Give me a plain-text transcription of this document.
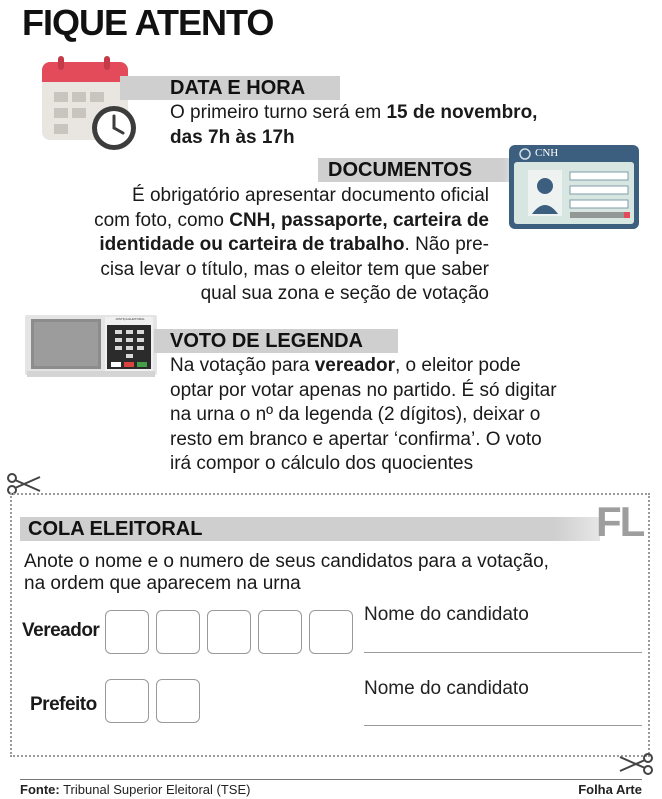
FIQUE ATENTO
DATA E HORA
O primeiro turno será em 15 de novembro,
das 7h às 17h
DOCUMENTOS
CNH
É obrigatório apresentar documento oficial
com foto, como CNH, passaporte, carteira de
identidade ou carteira de trabalho. Não pre-
cisa levar o título, mas o eleitor tem que saber
qual sua zona e seção de votação
JUSTIÇA ELEITORAL
VOTO DE LEGENDA
Na votação para vereador, o eleitor pode
optar por votar apenas no partido. É só digitar
na urna o nº da legenda (2 dígitos), deixar o
resto em branco e apertar ‘confirma’. O voto
irá compor o cálculo dos quocientes
COLA ELEITORAL	FL
Anote o nome e o numero de seus candidatos para a votação,
na ordem que aparecem na urna
Vereador
Nome do candidato
Prefeito
Nome do candidato
Fonte: Tribunal Superior Eleitoral (TSE)	Folha Arte
